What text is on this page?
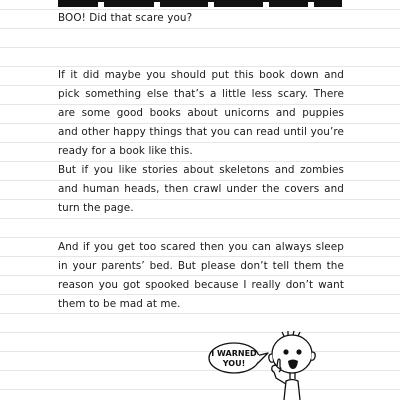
BOO! Did that scare you?
If it did maybe you should put this book down and pick something else that’s a little less scary. There are some good books about unicorns and puppies and other happy things that you can read until you’re ready for a book like this.
But if you like stories about skeletons and zombies and human heads, then crawl under the covers and turn the page.
And if you get too scared then you can always sleep in your parents’ bed. But please don’t tell them the reason you got spooked because I really don’t want them to be mad at me.
I WARNED
YOU!
